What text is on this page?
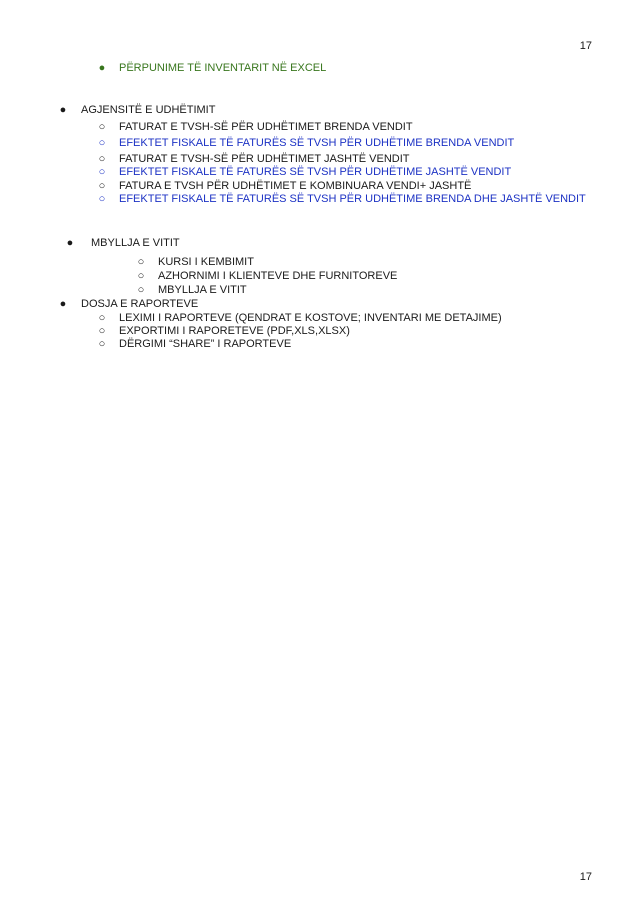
17
● PËRPUNIME TË INVENTARIT NË EXCEL
● AGJENSITË E UDHËTIMIT
○ FATURAT E TVSH-SË PËR UDHËTIMET BRENDA VENDIT
○ EFEKTET FISKALE TË FATURËS SË TVSH PËR UDHËTIME BRENDA VENDIT
○ FATURAT E TVSH-SË PËR UDHËTIMET JASHTË VENDIT
○ EFEKTET FISKALE TË FATURËS SË TVSH PËR UDHËTIME JASHTË VENDIT
○ FATURA E TVSH PËR UDHËTIMET E KOMBINUARA VENDI+ JASHTË
○ EFEKTET FISKALE TË FATURËS SË TVSH PËR UDHËTIME BRENDA DHE JASHTË VENDIT
● MBYLLJA E VITIT
○ KURSI I KEMBIMIT
○ AZHORNIMI I KLIENTEVE DHE FURNITOREVE
○ MBYLLJA E VITIT
● DOSJA E RAPORTEVE
○ LEXIMI I RAPORTEVE (QENDRAT E KOSTOVE; INVENTARI ME DETAJIME)
○ EXPORTIMI I RAPORETEVE (PDF,XLS,XLSX)
○ DËRGIMI “SHARE” I RAPORTEVE
17
